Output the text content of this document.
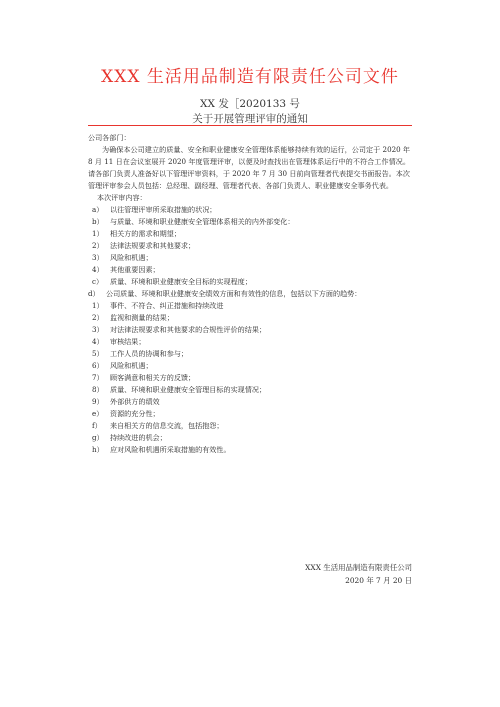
XXX 生活用品制造有限责任公司文件
XX 发［2020133 号
关于开展管理评审的通知

公司各部门：

为确保本公司建立的质量、安全和职业健康安全管理体系能够持续有效的运行，公司定于 2020 年 8 月 11 日在会议室展开 2020 年度管理评审，以便及时查找出在管理体系运行中的不符合工作情况。请各部门负责人准备好以下管理评审资料，于 2020 年 7 月 30 日前向管理者代表提交书面报告。本次管理评审参会人员包括：总经理、副经理、管理者代表、各部门负责人、职业健康安全事务代表。

本次评审内容：

a） 以往管理评审所采取措施的状况；
b） 与质量、环境和职业健康安全管理体系相关的内外部变化：
1） 相关方的需求和期望；
2） 法律法规要求和其他要求；
3） 风险和机遇；
4） 其他重要因素；
c） 质量、环境和职业健康安全目标的实现程度；
d） 公司质量、环境和职业健康安全绩效方面和有效性的信息，包括以下方面的趋势：
1） 事件、不符合、纠正措施和持续改进
2） 监视和测量的结果；
3） 对法律法规要求和其他要求的合规性评价的结果；
4） 审核结果；
5） 工作人员的协调和参与；
6） 风险和机遇；
7） 顾客满意和相关方的反馈；
8） 质量、环境和职业健康安全管理目标的实现情况；
9） 外部供方的绩效
e） 资源的充分性；
f） 来自相关方的信息交流，包括抱怨；
g） 持续改进的机会；
h） 应对风险和机遇所采取措施的有效性。
XXX 生活用品制造有限责任公司
2020 年 7 月 20 日
